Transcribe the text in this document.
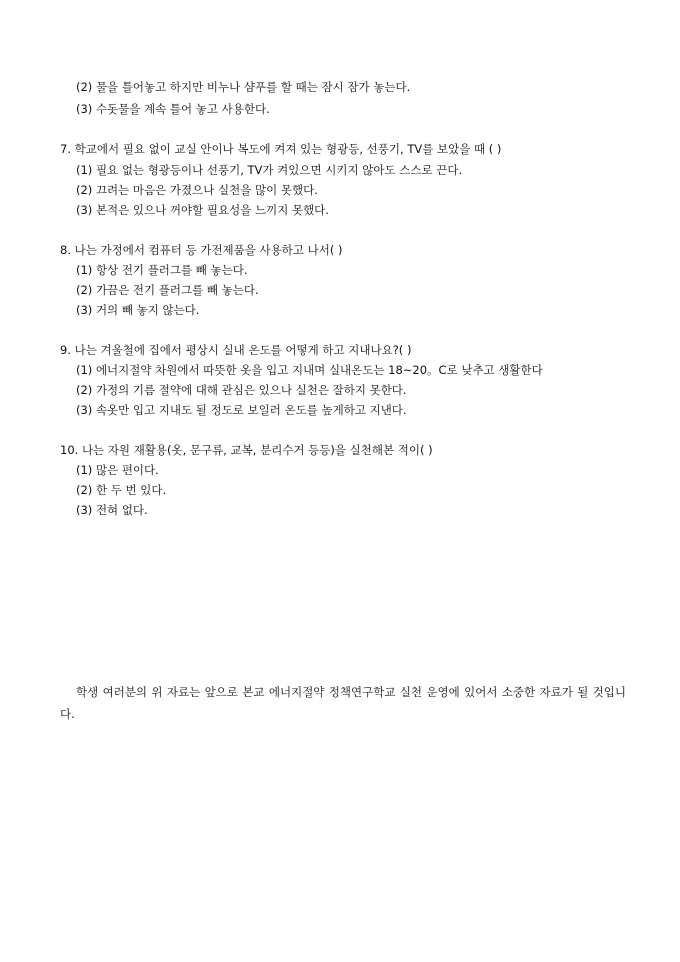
(2) 물을 틀어놓고 하지만 비누나 샴푸를 할 때는 잠시 잠가 놓는다.
(3) 수돗물을 계속 틀어 놓고 사용한다.
7. 학교에서 필요 없이 교실 안이나 복도에 켜져 있는 형광등, 선풍기, TV를 보았을 때 ( )
(1) 필요 없는 형광등이나 선풍기, TV가 켜있으면 시키지 않아도 스스로 끈다.
(2) 끄려는 마음은 가졌으나 실천을 많이 못했다.
(3) 본적은 있으나 꺼야할 필요성을 느끼지 못했다.
8. 나는 가정에서 컴퓨터 등 가전제품을 사용하고 나서( )
(1) 항상 전기 플러그를 빼 놓는다.
(2) 가끔은 전기 플러그를 빼 놓는다.
(3) 거의 빼 놓지 않는다.
9. 나는 겨울철에 집에서 평상시 실내 온도를 어떻게 하고 지내나요?( )
(1) 에너지절약 차원에서 따뜻한 옷을 입고 지내며 실내온도는 18~20。C로 낮추고 생활한다
(2) 가정의 기름 절약에 대해 관심은 있으나 실천은 잘하지 못한다.
(3) 속옷만 입고 지내도 될 정도로 보일러 온도를 높게하고 지낸다.
10. 나는 자원 재활용(옷, 문구류, 교복, 분리수거 등등)을 실천해본 적이( )
(1) 많은 편이다.
(2) 한 두 번 있다.
(3) 전혀 없다.
학생 여러분의 위 자료는 앞으로 본교 에너지절약 정책연구학교 실천 운영에 있어서 소중한 자료가 될 것입니다.
